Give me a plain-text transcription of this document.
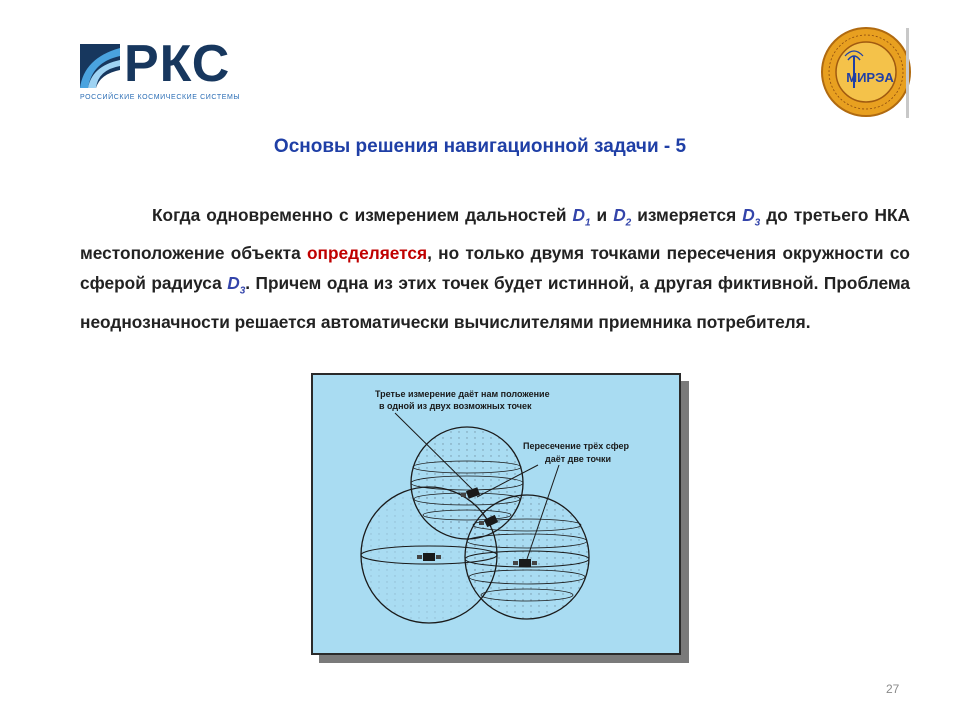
РКС
РОССИЙСКИЕ КОСМИЧЕСКИЕ СИСТЕМЫ
МИРЭА
Основы решения навигационной задачи - 5
Когда одновременно с измерением дальностей $D_1$ и $D_2$ измеряется $D_3$ до третьего НКА местоположение объекта определяется, но только двумя точками пересечения окружности со сферой радиуса $D_3$. Причем одна из этих точек будет истинной, а другая фиктивной. Проблема неоднозначности решается автоматически вычислителями приемника потребителя.
Третье измерение даёт нам положение
в одной из двух возможных точек
Пересечение трёх сфер
даёт две точки
27
